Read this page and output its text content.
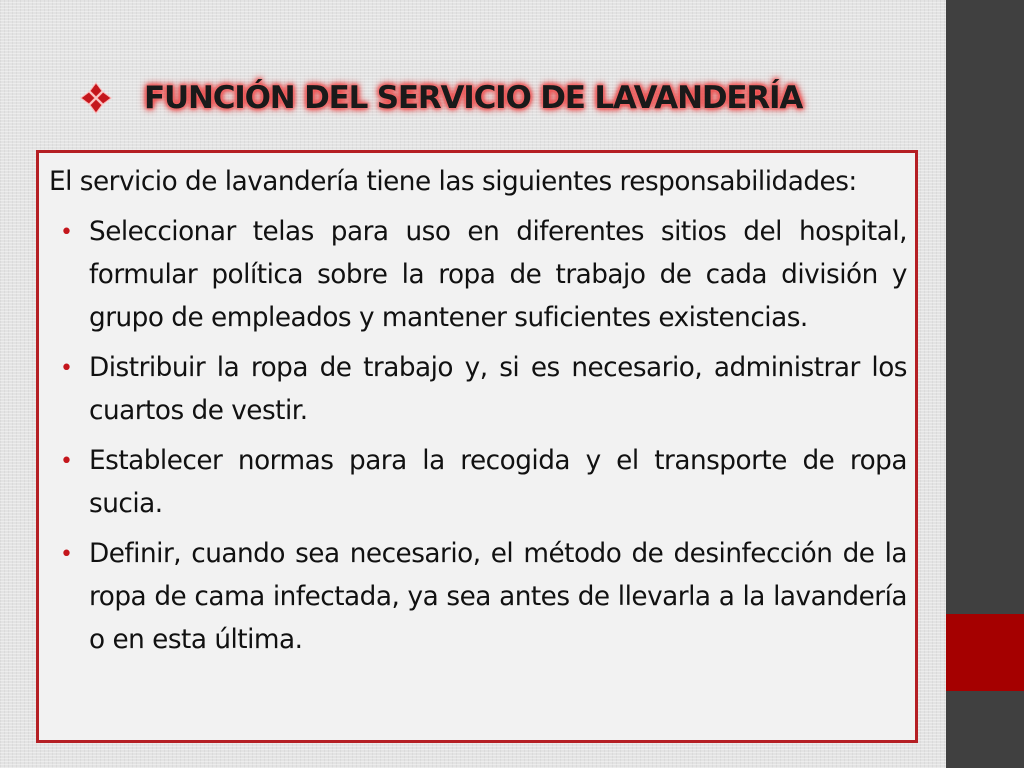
FUNCIÓN DEL SERVICIO DE LAVANDERÍA

El servicio de lavandería tiene las siguientes responsabilidades:

• Seleccionar telas para uso en diferentes sitios del hospital, formular política sobre la ropa de trabajo de cada división y grupo de empleados y mantener suficientes existencias.
• Distribuir la ropa de trabajo y, si es necesario, administrar los cuartos de vestir.
• Establecer normas para la recogida y el transporte de ropa sucia.
• Definir, cuando sea necesario, el método de desinfección de la ropa de cama infectada, ya sea antes de llevarla a la lavandería o en esta última.
